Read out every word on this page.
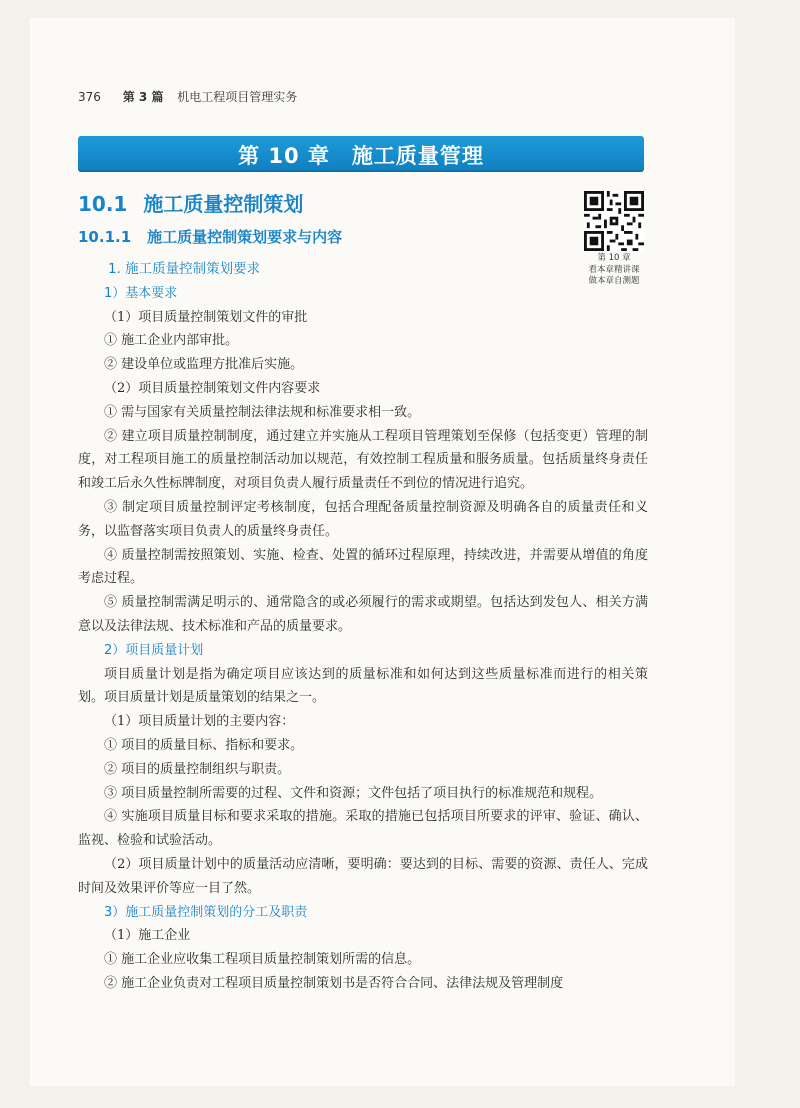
376 第 3 篇 机电工程项目管理实务
第 10 章　施工质量管理
10.1 施工质量控制策划
10.1.1 施工质量控制策划要求与内容
第 10 章
看本章精讲课
做本章自测题

1. 施工质量控制策划要求

1）基本要求

（1）项目质量控制策划文件的审批

① 施工企业内部审批。

② 建设单位或监理方批准后实施。

（2）项目质量控制策划文件内容要求

① 需与国家有关质量控制法律法规和标准要求相一致。

② 建立项目质量控制制度，通过建立并实施从工程项目管理策划至保修（包括变更）管理的制度，对工程项目施工的质量控制活动加以规范，有效控制工程质量和服务质量。包括质量终身责任和竣工后永久性标牌制度，对项目负责人履行质量责任不到位的情况进行追究。

③ 制定项目质量控制评定考核制度，包括合理配备质量控制资源及明确各自的质量责任和义务，以监督落实项目负责人的质量终身责任。

④ 质量控制需按照策划、实施、检查、处置的循环过程原理，持续改进，并需要从增值的角度考虑过程。

⑤ 质量控制需满足明示的、通常隐含的或必须履行的需求或期望。包括达到发包人、相关方满意以及法律法规、技术标准和产品的质量要求。

2）项目质量计划

项目质量计划是指为确定项目应该达到的质量标准和如何达到这些质量标准而进行的相关策划。项目质量计划是质量策划的结果之一。

（1）项目质量计划的主要内容：

① 项目的质量目标、指标和要求。

② 项目的质量控制组织与职责。

③ 项目质量控制所需要的过程、文件和资源；文件包括了项目执行的标准规范和规程。

④ 实施项目质量目标和要求采取的措施。采取的措施已包括项目所要求的评审、验证、确认、监视、检验和试验活动。

（2）项目质量计划中的质量活动应清晰，要明确：要达到的目标、需要的资源、责任人、完成时间及效果评价等应一目了然。

3）施工质量控制策划的分工及职责

（1）施工企业

① 施工企业应收集工程项目质量控制策划所需的信息。

② 施工企业负责对工程项目质量控制策划书是否符合合同、法律法规及管理制度
